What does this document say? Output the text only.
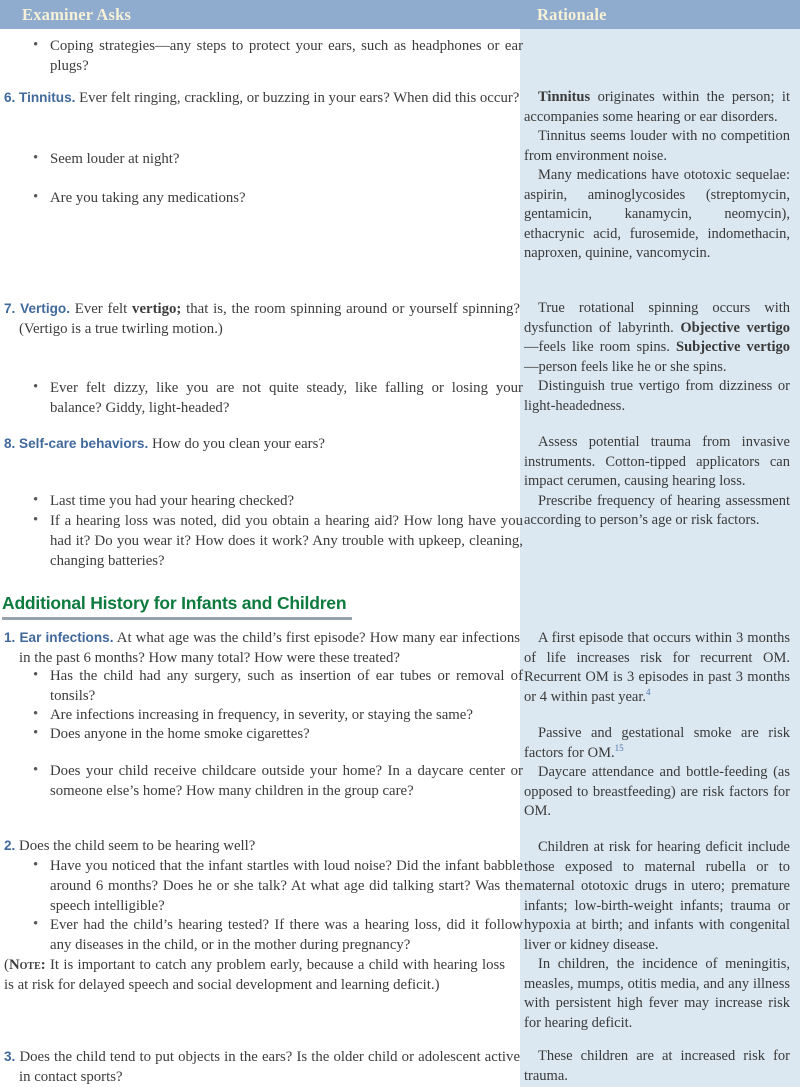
Examiner Asks	Rationale
• Coping strategies—any steps to protect your ears, such as headphones or ear plugs?
6. Tinnitus. Ever felt ringing, crackling, or buzzing in your ears? When did this occur?
• Seem louder at night?
• Are you taking any medications?
7. Vertigo. Ever felt vertigo; that is, the room spinning around or yourself spinning? (Vertigo is a true twirling motion.)
• Ever felt dizzy, like you are not quite steady, like falling or losing your balance? Giddy, light-headed?
8. Self-care behaviors. How do you clean your ears?
• Last time you had your hearing checked?
• If a hearing loss was noted, did you obtain a hearing aid? How long have you had it? Do you wear it? How does it work? Any trouble with upkeep, cleaning, changing batteries?
Additional History for Infants and Children
1. Ear infections. At what age was the child’s first episode? How many ear infections in the past 6 months? How many total? How were these treated?
• Has the child had any surgery, such as insertion of ear tubes or removal of tonsils?
• Are infections increasing in frequency, in severity, or staying the same?
• Does anyone in the home smoke cigarettes?
• Does your child receive childcare outside your home? In a daycare center or someone else’s home? How many children in the group care?
2. Does the child seem to be hearing well?
• Have you noticed that the infant startles with loud noise? Did the infant babble around 6 months? Does he or she talk? At what age did talking start? Was the speech intelligible?
• Ever had the child’s hearing tested? If there was a hearing loss, did it follow any diseases in the child, or in the mother during pregnancy?
(Note: It is important to catch any problem early, because a child with hearing loss is at risk for delayed speech and social development and learning deficit.)
3. Does the child tend to put objects in the ears? Is the older child or adolescent active in contact sports?

Tinnitus originates within the person; it accompanies some hearing or ear disorders.

Tinnitus seems louder with no competition from environment noise.

Many medications have ototoxic sequelae: aspirin, aminoglycosides (streptomycin, gentamicin, kanamycin, neomycin), ethacrynic acid, furosemide, indomethacin, naproxen, quinine, vancomycin.

True rotational spinning occurs with dysfunction of labyrinth. Objective vertigo—feels like room spins. Subjective vertigo—person feels like he or she spins.

Distinguish true vertigo from dizziness or light-headedness.

Assess potential trauma from invasive instruments. Cotton-tipped applicators can impact cerumen, causing hearing loss.

Prescribe frequency of hearing assessment according to person’s age or risk factors.

A first episode that occurs within 3 months of life increases risk for recurrent OM. Recurrent OM is 3 episodes in past 3 months or 4 within past year.$^4$

Passive and gestational smoke are risk factors for OM.$^{15}$

Daycare attendance and bottle-feeding (as opposed to breastfeeding) are risk factors for OM.

Children at risk for hearing deficit include those exposed to maternal rubella or to maternal ototoxic drugs in utero; premature infants; low-birth-weight infants; trauma or hypoxia at birth; and infants with congenital liver or kidney disease.

In children, the incidence of meningitis, measles, mumps, otitis media, and any illness with persistent high fever may increase risk for hearing deficit.

These children are at increased risk for trauma.
